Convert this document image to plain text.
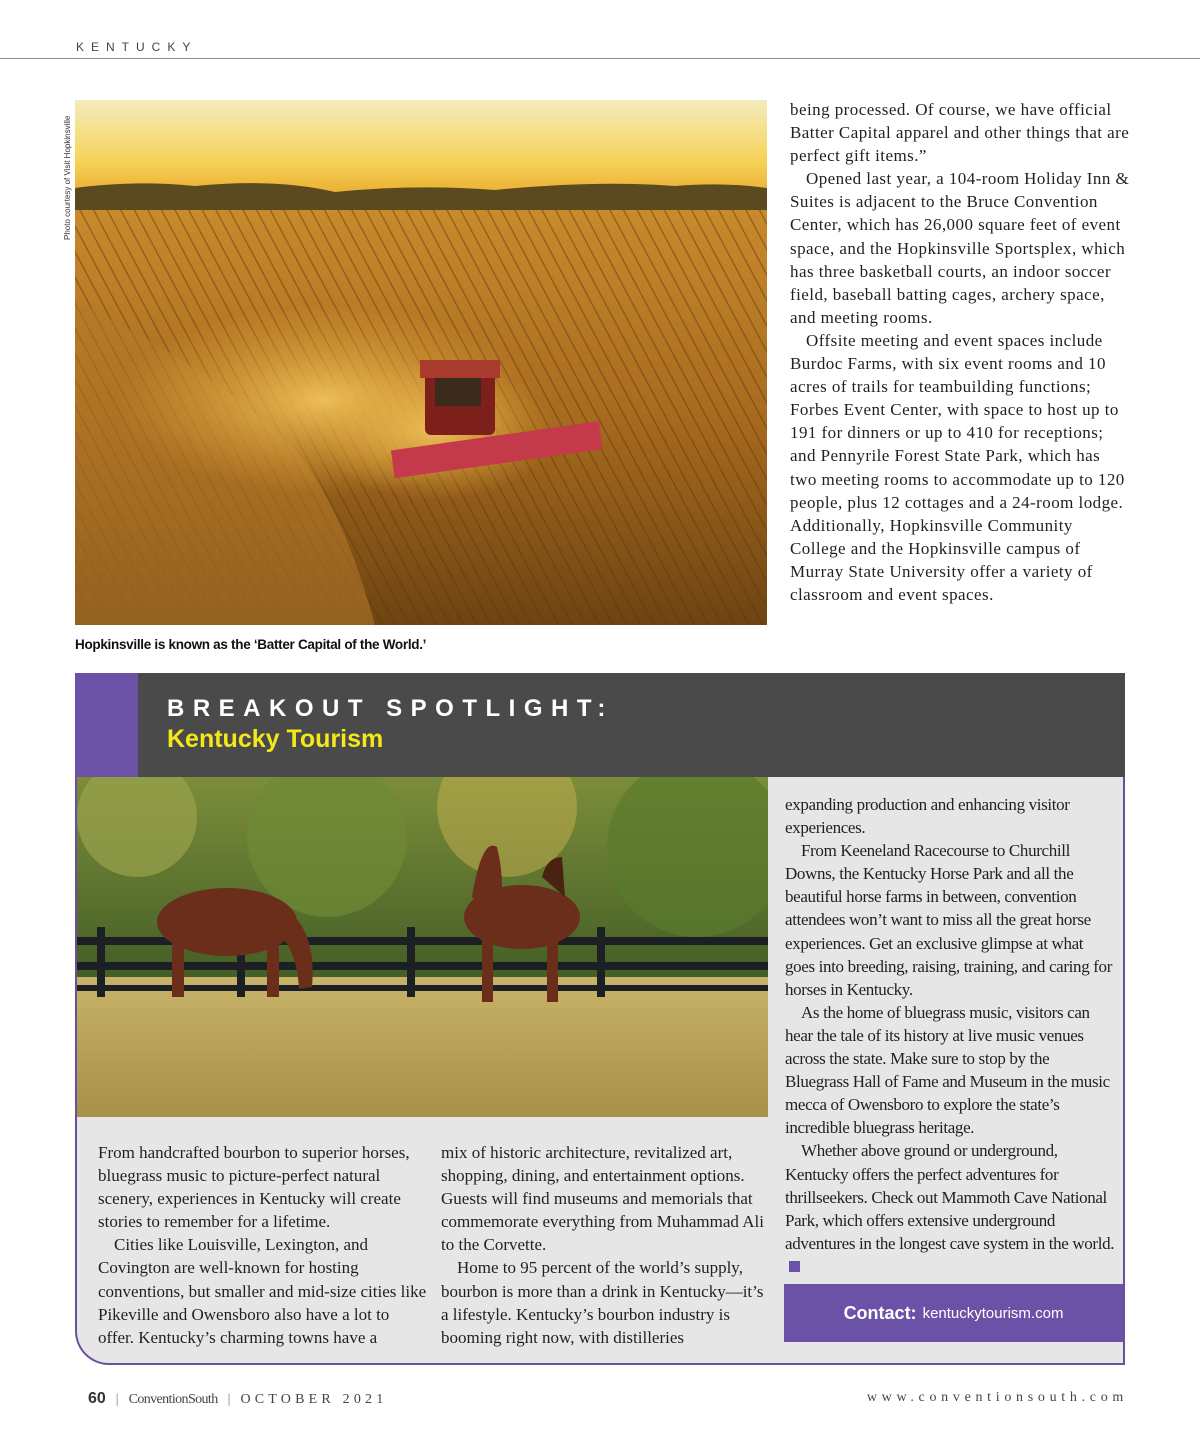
KENTUCKY
Photo courtesy of Visit Hopkinsville
Hopkinsville is known as the ‘Batter Capital of the World.’

being processed. Of course, we have official Batter Capital apparel and other things that are perfect gift items.”

Opened last year, a 104-room Holiday Inn & Suites is adjacent to the Bruce Convention Center, which has 26,000 square feet of event space, and the Hopkinsville Sportsplex, which has three basketball courts, an indoor soccer field, baseball batting cages, archery space, and meeting rooms.

Offsite meeting and event spaces include Burdoc Farms, with six event rooms and 10 acres of trails for teambuilding functions; Forbes Event Center, with space to host up to 191 for dinners or up to 410 for receptions; and Pennyrile Forest State Park, which has two meeting rooms to accommodate up to 120 people, plus 12 cottages and a 24-room lodge. Additionally, Hopkinsville Community College and the Hopkinsville campus of Murray State University offer a variety of classroom and event spaces.

BREAKOUT SPOTLIGHT:
Kentucky Tourism

From handcrafted bourbon to superior horses, bluegrass music to picture-perfect natural scenery, experiences in Kentucky will create stories to remember for a lifetime.

Cities like Louisville, Lexington, and Covington are well-known for hosting conventions, but smaller and mid-size cities like Pikeville and Owensboro also have a lot to offer. Kentucky’s charming towns have a

mix of historic architecture, revitalized art, shopping, dining, and entertainment options. Guests will find museums and memorials that commemorate everything from Muhammad Ali to the Corvette.

Home to 95 percent of the world’s supply, bourbon is more than a drink in Kentucky—it’s a lifestyle. Kentucky’s bourbon industry is booming right now, with distilleries

expanding production and enhancing visitor experiences.

From Keeneland Racecourse to Churchill Downs, the Kentucky Horse Park and all the beautiful horse farms in between, convention attendees won’t want to miss all the great horse experiences. Get an exclusive glimpse at what goes into breeding, raising, training, and caring for horses in Kentucky.

As the home of bluegrass music, visitors can hear the tale of its history at live music venues across the state. Make sure to stop by the Bluegrass Hall of Fame and Museum in the music mecca of Owensboro to explore the state’s incredible bluegrass heritage.

Whether above ground or underground, Kentucky offers the perfect adventures for thrillseekers. Check out Mammoth Cave National Park, which offers extensive underground adventures in the longest cave system in the world.

Contact: kentuckytourism.com
60 | ConventionSouth | OCTOBER 2021	www.conventionsouth.com
